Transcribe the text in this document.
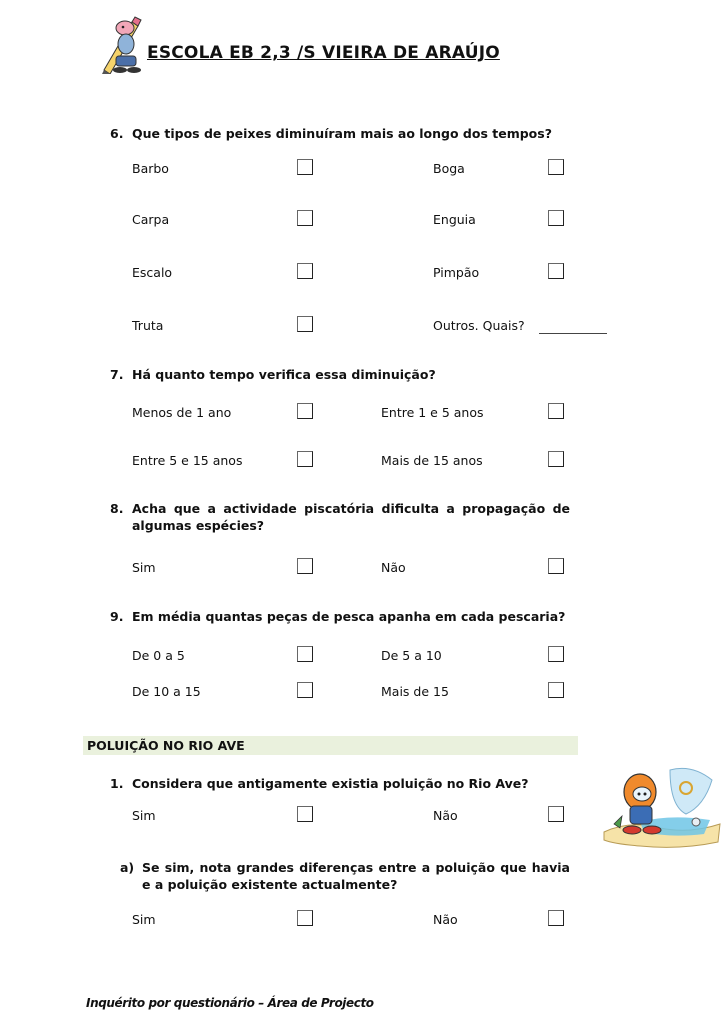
ESCOLA EB 2,3 /S VIEIRA DE ARAÚJO
6. Que tipos de peixes diminuíram mais ao longo dos tempos?
Barbo	Boga
Carpa	Enguia
Escalo	Pimpão
Truta	Outros. Quais?
7. Há quanto tempo verifica essa diminuição?
Menos de 1 ano	Entre 1 e 5 anos
Entre 5 e 15 anos	Mais de 15 anos
8. Acha que a actividade piscatória dificulta a propagação de algumas espécies?
Sim	Não
9. Em média quantas peças de pesca apanha em cada pescaria?
De 0 a 5	De 5 a 10
De 10 a 15	Mais de 15
POLUIÇÃO NO RIO AVE
1. Considera que antigamente existia poluição no Rio Ave?
Sim	Não
a) Se sim, nota grandes diferenças entre a poluição que havia e a poluição existente actualmente?
Sim	Não
Inquérito por questionário – Área de Projecto
